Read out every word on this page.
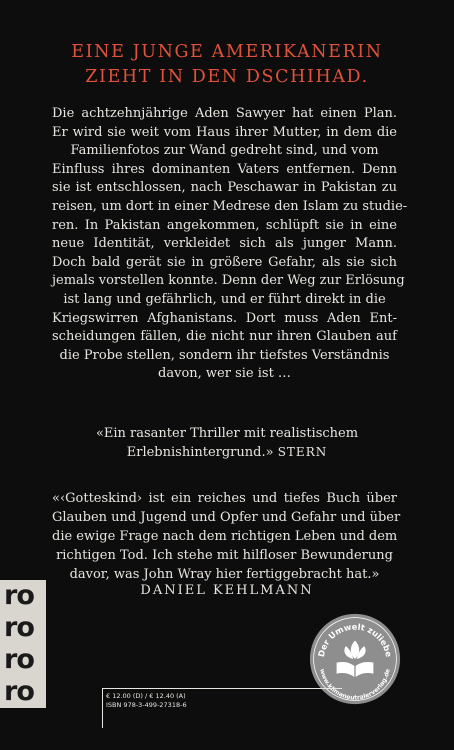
EINE JUNGE AMERIKANERIN
ZIEHT IN DEN DSCHIHAD.
Die achtzehnjährige Aden Sawyer hat einen Plan.
Er wird sie weit vom Haus ihrer Mutter, in dem die
Familienfotos zur Wand gedreht sind, und vom
Einfluss ihres dominanten Vaters entfernen. Denn
sie ist entschlossen, nach Peschawar in Pakistan zu
reisen, um dort in einer Medrese den Islam zu studie-
ren. In Pakistan angekommen, schlüpft sie in eine
neue Identität, verkleidet sich als junger Mann.
Doch bald gerät sie in größere Gefahr, als sie sich
jemals vorstellen konnte. Denn der Weg zur Erlösung
ist lang und gefährlich, und er führt direkt in die
Kriegswirren Afghanistans. Dort muss Aden Ent-
scheidungen fällen, die nicht nur ihren Glauben auf
die Probe stellen, sondern ihr tiefstes Verständnis
davon, wer sie ist …
«Ein rasanter Thriller mit realistischem
Erlebnishintergrund.» STERN
«‹Gotteskind› ist ein reiches und tiefes Buch über
Glauben und Jugend und Opfer und Gefahr und über
die ewige Frage nach dem richtigen Leben und dem
richtigen Tod. Ich stehe mit hilfloser Bewunderung
davor, was John Wray hier fertiggebracht hat.»
DANIEL KEHLMANN
ro
ro
ro
ro
Der Umwelt zuliebe
www.klimaneutralerverlag.de
€ 12.00 (D) / € 12.40 (A)
ISBN 978-3-499-27318-6
